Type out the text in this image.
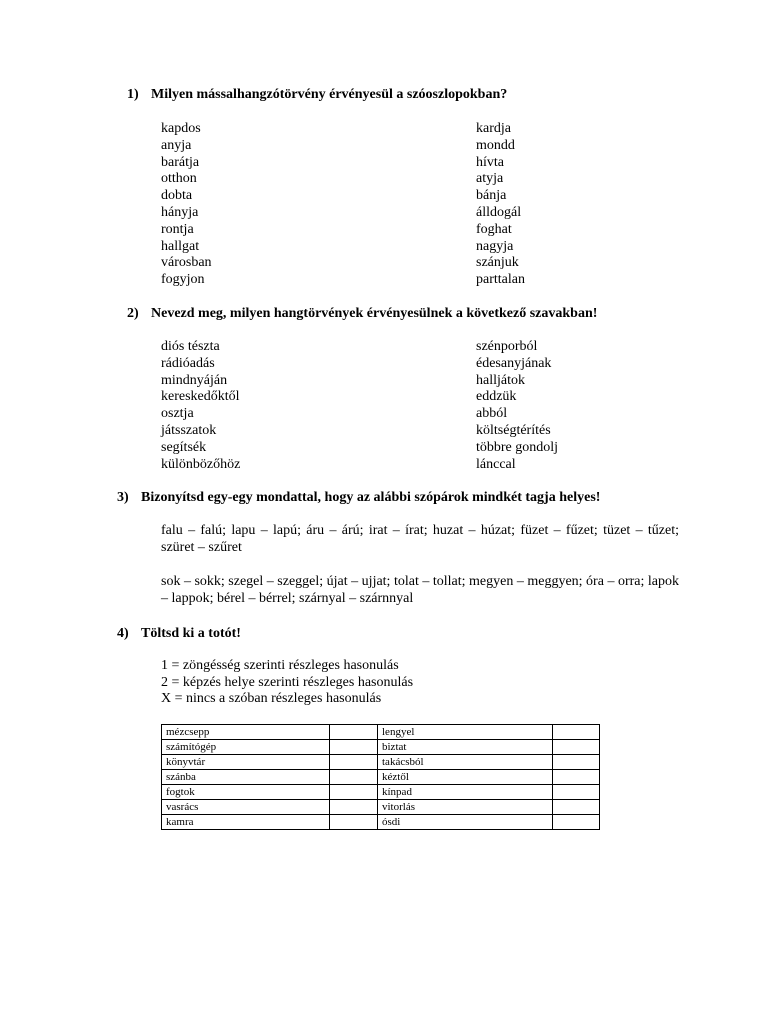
1) Milyen mássalhangzótörvény érvényesül a szóoszlopokban?
kapdos
anyja
barátja
otthon
dobta
hányja
rontja
hallgat
városban
fogyjon
kardja
mondd
hívta
atyja
bánja
álldogál
foghat
nagyja
szánjuk
parttalan
2) Nevezd meg, milyen hangtörvények érvényesülnek a következő szavakban!
diós tészta
rádióadás
mindnyáján
kereskedőktől
osztja
játsszatok
segítsék
különbözőhöz
szénporból
édesanyjának
halljátok
eddzük
abból
költségtérítés
többre gondolj
lánccal
3) Bizonyítsd egy-egy mondattal, hogy az alábbi szópárok mindkét tagja helyes!
falu – falú; lapu – lapú; áru – árú; irat – írat; huzat – húzat; füzet – fűzet; tüzet – tűzet; szüret – szűret
sok – sokk; szegel – szeggel; újat – ujjat; tolat – tollat; megyen – meggyen; óra – orra; lapok – lappok; bérel – bérrel; szárnyal – szárnnyal
4) Töltsd ki a totót!
1 = zöngésség szerinti részleges hasonulás
2 = képzés helye szerinti részleges hasonulás
X = nincs a szóban részleges hasonulás
mézcsepp		lengyel	
számítógép		biztat	
könyvtár		takácsból	
szánba		kéztől	
fogtok		kínpad	
vasrács		vitorlás	
kamra		ósdi	
